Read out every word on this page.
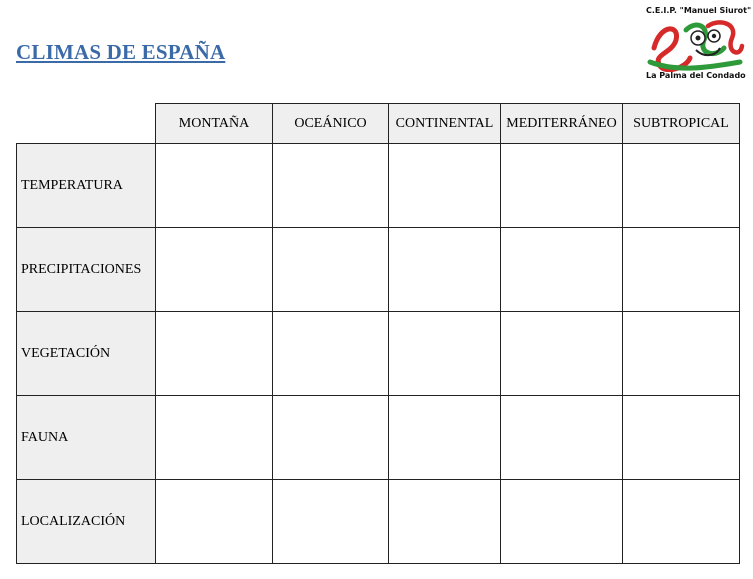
CLIMAS DE ESPAÑA
C.E.I.P. "Manuel Siurot"
La Palma del Condado
	MONTAÑA	OCEÁNICO	CONTINENTAL	MEDITERRÁNEO	SUBTROPICAL
TEMPERATURA					
PRECIPITACIONES					
VEGETACIÓN					
FAUNA					
LOCALIZACIÓN					
